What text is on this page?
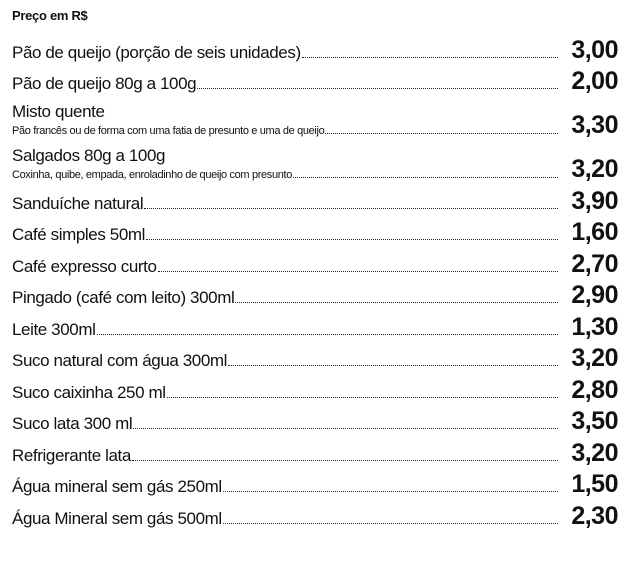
Preço em R$
Pão de queijo (porção de seis unidades)	3,00
Pão de queijo 80g a 100g	2,00
Misto quente
Pão francês ou de forma com uma fatia de presunto e uma de queijo	3,30
Salgados 80g a 100g
Coxinha, quibe, empada, enroladinho de queijo com presunto	3,20
Sanduíche natural	3,90
Café simples 50ml	1,60
Café expresso curto	2,70
Pingado (café com leito) 300ml	2,90
Leite 300ml	1,30
Suco natural com água 300ml	3,20
Suco caixinha 250 ml	2,80
Suco lata 300 ml	3,50
Refrigerante lata	3,20
Água mineral sem gás 250ml	1,50
Água Mineral sem gás 500ml	2,30
